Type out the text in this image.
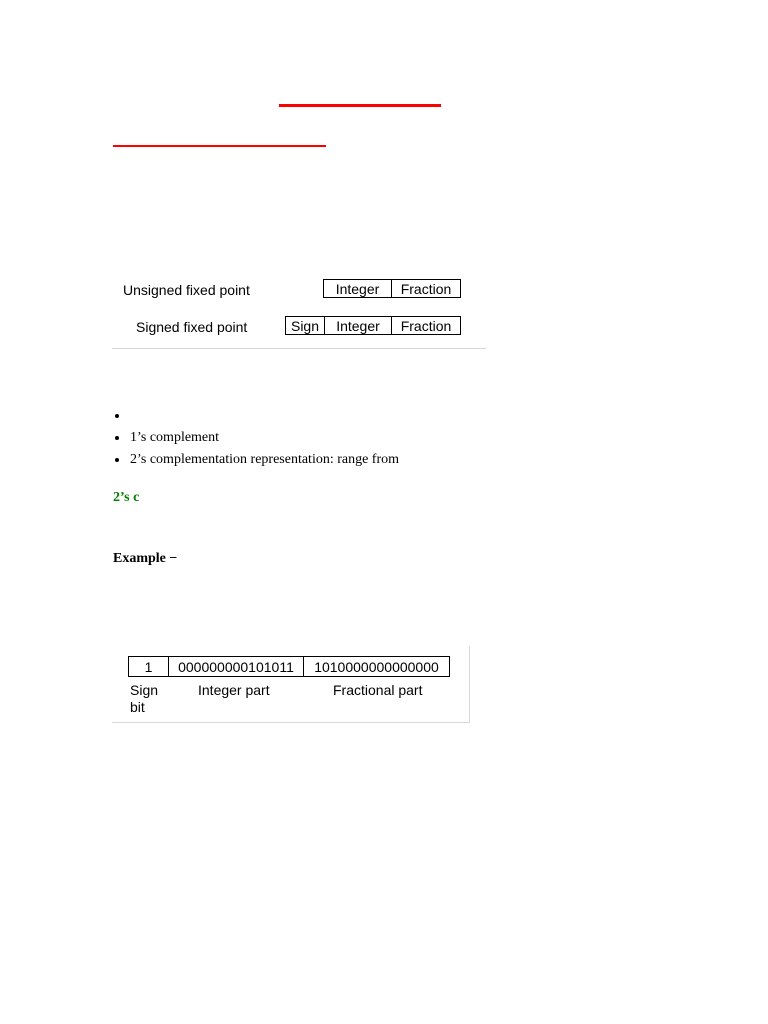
Unsigned fixed point	Integer	Fraction
Signed fixed point	Sign	Integer	Fraction
1’s complement
2’s complementation representation: range from
2’s c
Example −
1	000000000101011	1010000000000000
Sign
bit
Integer part	Fractional part
